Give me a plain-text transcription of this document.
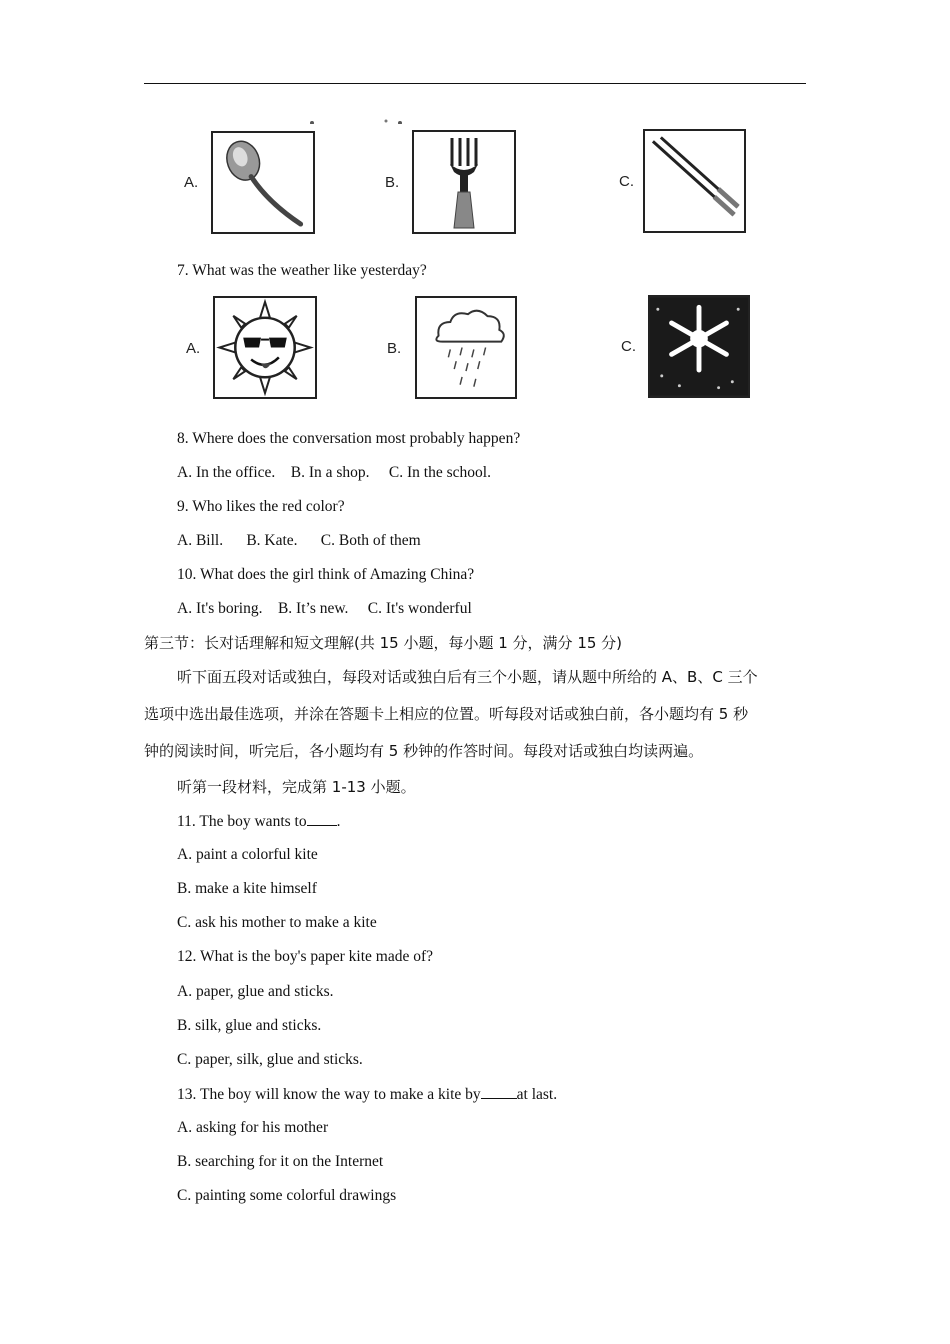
A.	B.	C.
7. What was the weather like yesterday?
A.	B.	C.
8. Where does the conversation most probably happen?
A. In the office.    B. In a shop.     C. In the school.
9. Who likes the red color?
A. Bill.      B. Kate.      C. Both of them
10. What does the girl think of Amazing China?
A. It's boring.    B. It’s new.     C. It's wonderful
第三节：长对话理解和短文理解(共 15 小题，每小题 1 分，满分 15 分)
听下面五段对话或独白，每段对话或独白后有三个小题，请从题中所给的 A、B、C 三个
选项中选出最佳选项，并涂在答题卡上相应的位置。听每段对话或独白前，各小题均有 5 秒
钟的阅读时间，听完后，各小题均有 5 秒钟的作答时间。每段对话或独白均读两遍。
听第一段材料，完成第 1-13 小题。
11. The boy wants to .
A. paint a colorful kite
B. make a kite himself
C. ask his mother to make a kite
12. What is the boy's paper kite made of?
A. paper, glue and sticks.
B. silk, glue and sticks.
C. paper, silk, glue and sticks.
13. The boy will know the way to make a kite by at last.
A. asking for his mother
B. searching for it on the Internet
C. painting some colorful drawings
